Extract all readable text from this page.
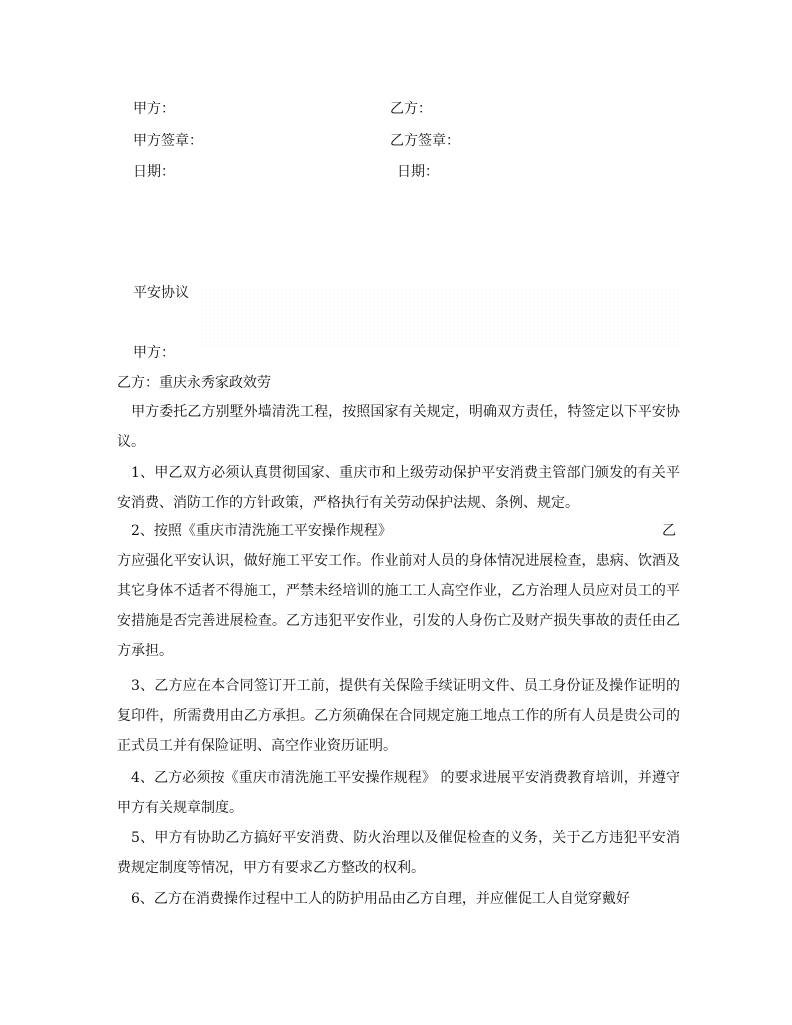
甲方：	乙方：
甲方签章：	乙方签章：
日期：	日期：
平安协议
甲方：
乙方：重庆永秀家政效劳
甲方委托乙方别墅外墙清洗工程，按照国家有关规定，明确双方责任，特签定以下平安协议。
1、甲乙双方必须认真贯彻国家、重庆市和上级劳动保护平安消费主管部门颁发的有关平安消费、消防工作的方针政策，严格执行有关劳动保护法规、条例、规定。
2、按照《重庆市清洗施工平安操作规程》	乙
方应强化平安认识，做好施工平安工作。作业前对人员的身体情况进展检查，患病、饮酒及其它身体不适者不得施工，严禁未经培训的施工工人高空作业，乙方治理人员应对员工的平安措施是否完善进展检查。乙方违犯平安作业，引发的人身伤亡及财产损失事故的责任由乙方承担。
3、乙方应在本合同签订开工前，提供有关保险手续证明文件、员工身份证及操作证明的复印件，所需费用由乙方承担。乙方须确保在合同规定施工地点工作的所有人员是贵公司的正式员工并有保险证明、高空作业资历证明。
4、乙方必须按《重庆市清洗施工平安操作规程》 的要求进展平安消费教育培训，并遵守甲方有关规章制度。
5、甲方有协助乙方搞好平安消费、防火治理以及催促检查的义务，关于乙方违犯平安消费规定制度等情况，甲方有要求乙方整改的权利。
6、乙方在消费操作过程中工人的防护用品由乙方自理，并应催促工人自觉穿戴好
